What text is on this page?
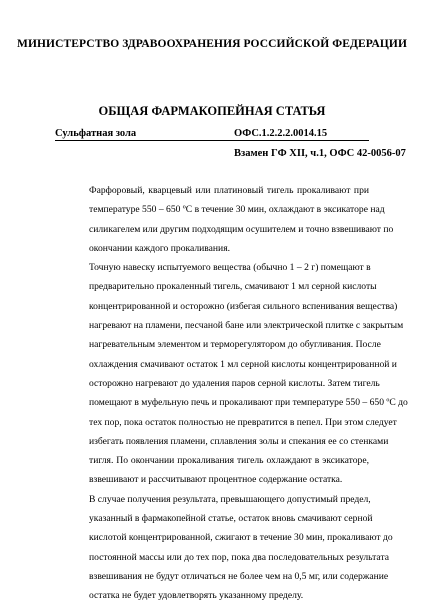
МИНИСТЕРСТВО ЗДРАВООХРАНЕНИЯ РОССИЙСКОЙ ФЕДЕРАЦИИ
ОБЩАЯ ФАРМАКОПЕЙНАЯ СТАТЬЯ
Сульфатная зола	ОФС.1.2.2.2.0014.15
Взамен ГФ XII, ч.1, ОФС 42-0056-07

Фарфоровый, кварцевый или платиновый тигель прокаливают при
температуре 550 – 650 ºС в течение 30 мин, охлаждают в эксикаторе над
силикагелем или другим подходящим осушителем и точно взвешивают по
окончании каждого прокаливания.

Точную навеску испытуемого вещества (обычно 1 – 2 г) помещают в
предварительно прокаленный тигель, смачивают 1 мл серной кислоты
концентрированной и осторожно (избегая сильного вспенивания вещества)
нагревают на пламени, песчаной бане или электрической плитке с закрытым
нагревательным элементом и терморегулятором до обугливания. После
охлаждения смачивают остаток 1 мл серной кислоты концентрированной и
осторожно нагревают до удаления паров серной кислоты. Затем тигель
помещают в муфельную печь и прокаливают при температуре 550 – 650 ºС до
тех пор, пока остаток полностью не превратится в пепел. При этом следует
избегать появления пламени, сплавления золы и спекания ее со стенками
тигля. По окончании прокаливания тигель охлаждают в эксикаторе,
взвешивают и рассчитывают процентное содержание остатка.

В случае получения результата, превышающего допустимый предел,
указанный в фармакопейной статье, остаток вновь смачивают серной
кислотой концентрированной, сжигают в течение 30 мин, прокаливают до
постоянной массы или до тех пор, пока два последовательных результата
взвешивания не будут отличаться не более чем на 0,5 мг, или содержание
остатка не будет удовлетворять указанному пределу.
